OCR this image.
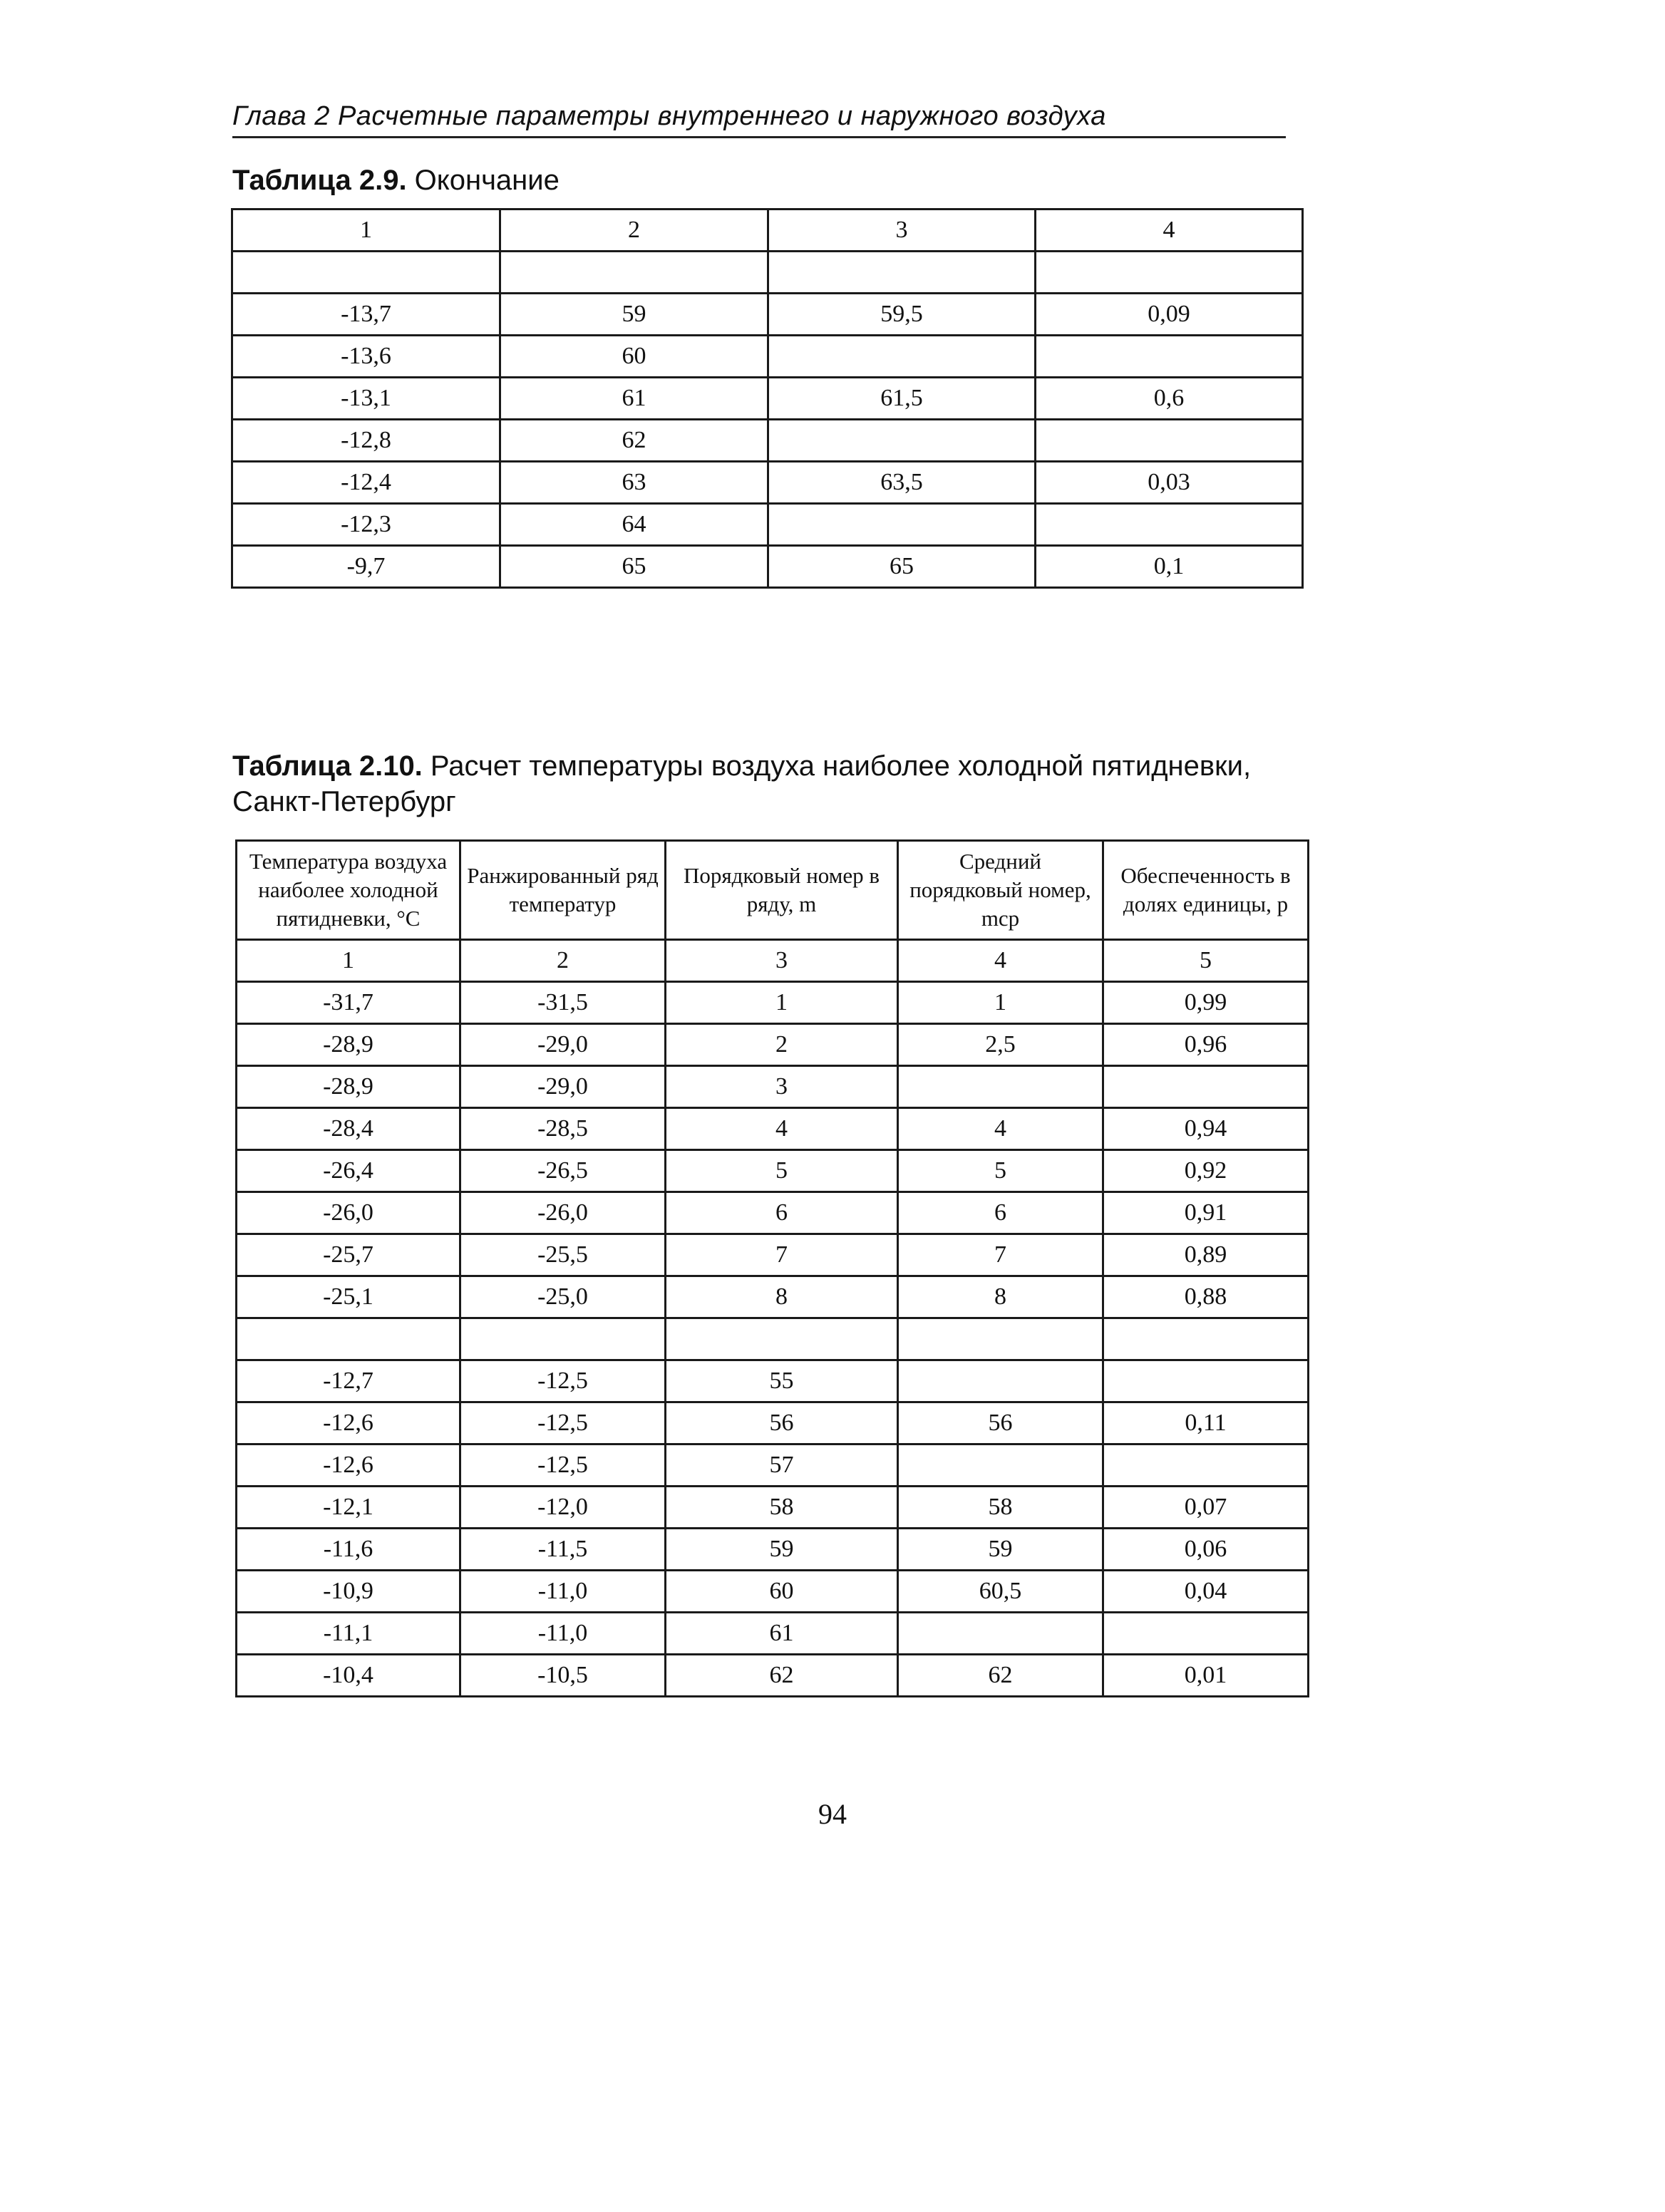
Глава 2 Расчетные параметры внутреннего и наружного воздуха
Таблица 2.9. Окончание
1	2	3	4

-13,7	59	59,5	0,09
-13,6	60		
-13,1	61	61,5	0,6
-12,8	62		
-12,4	63	63,5	0,03
-12,3	64		
-9,7	65	65	0,1
Таблица 2.10. Расчет температуры воздуха наиболее холодной пятидневки, Санкт-Петербург
Температура воздуха наиболее холодной пятидневки, °С	Ранжированный ряд температур	Порядковый номер в ряду, m	Средний порядковый номер, mср	Обеспеченность в долях единицы, p
1	2	3	4	5
-31,7	-31,5	1	1	0,99
-28,9	-29,0	2	2,5	0,96
-28,9	-29,0	3		
-28,4	-28,5	4	4	0,94
-26,4	-26,5	5	5	0,92
-26,0	-26,0	6	6	0,91
-25,7	-25,5	7	7	0,89
-25,1	-25,0	8	8	0,88

-12,7	-12,5	55		
-12,6	-12,5	56	56	0,11
-12,6	-12,5	57		
-12,1	-12,0	58	58	0,07
-11,6	-11,5	59	59	0,06
-10,9	-11,0	60	60,5	0,04
-11,1	-11,0	61		
-10,4	-10,5	62	62	0,01
94
